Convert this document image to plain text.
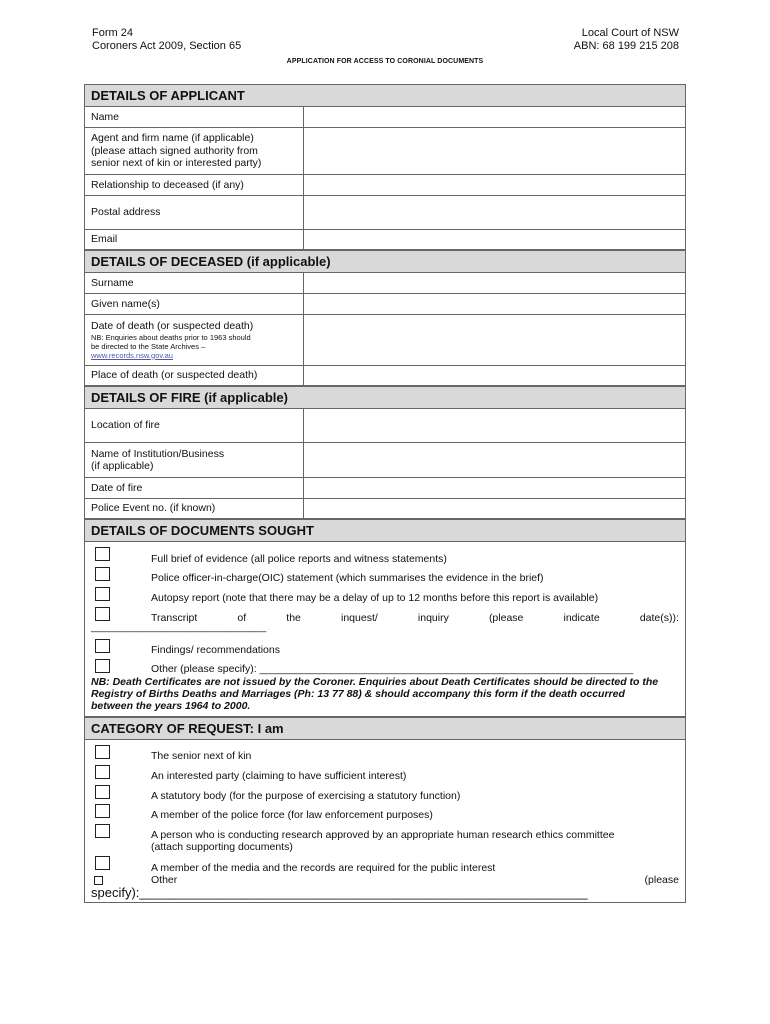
Form 24
Coroners Act 2009, Section 65
Local Court of NSW
ABN: 68 199 215 208
APPLICATION FOR ACCESS TO CORONIAL DOCUMENTS
DETAILS OF APPLICANT
Name
Agent and firm name (if applicable)
(please attach signed authority from
senior next of kin or interested party)
Relationship to deceased (if any)
Postal address
Email
DETAILS OF DECEASED (if applicable)
Surname
Given name(s)
Date of death (or suspected death)
NB: Enquiries about deaths prior to 1963 should
be directed to the State Archives –
www.records.nsw.gov.au
Place of death (or suspected death)
DETAILS OF FIRE (if applicable)
Location of fire
Name of Institution/Business
(if applicable)
Date of fire
Police Event no. (if known)
DETAILS OF DOCUMENTS SOUGHT
Full brief of evidence (all police reports and witness statements)
Police officer-in-charge(OIC) statement (which summarises the evidence in the brief)
Autopsy report (note that there may be a delay of up to 12 months before this report is available)
Transcript	of	the	inquest/	inquiry	(please	indicate	date(s)):
______________________________
Findings/ recommendations
Other (please specify): ________________________________________________________________
NB: Death Certificates are not issued by the Coroner. Enquiries about Death Certificates should be directed to the Registry of Births Deaths and Marriages (Ph: 13 77 88) & should accompany this form if the death occurred between the years 1964 to 2000.
CATEGORY OF REQUEST: I am
The senior next of kin
An interested party (claiming to have sufficient interest)
A statutory body (for the purpose of exercising a statutory function)
A member of the police force (for law enforcement purposes)
A person who is conducting research approved by an appropriate human research ethics committee
(attach supporting documents)
A member of the media and the records are required for the public interest
Other	(please
specify):______________________________________________________________
